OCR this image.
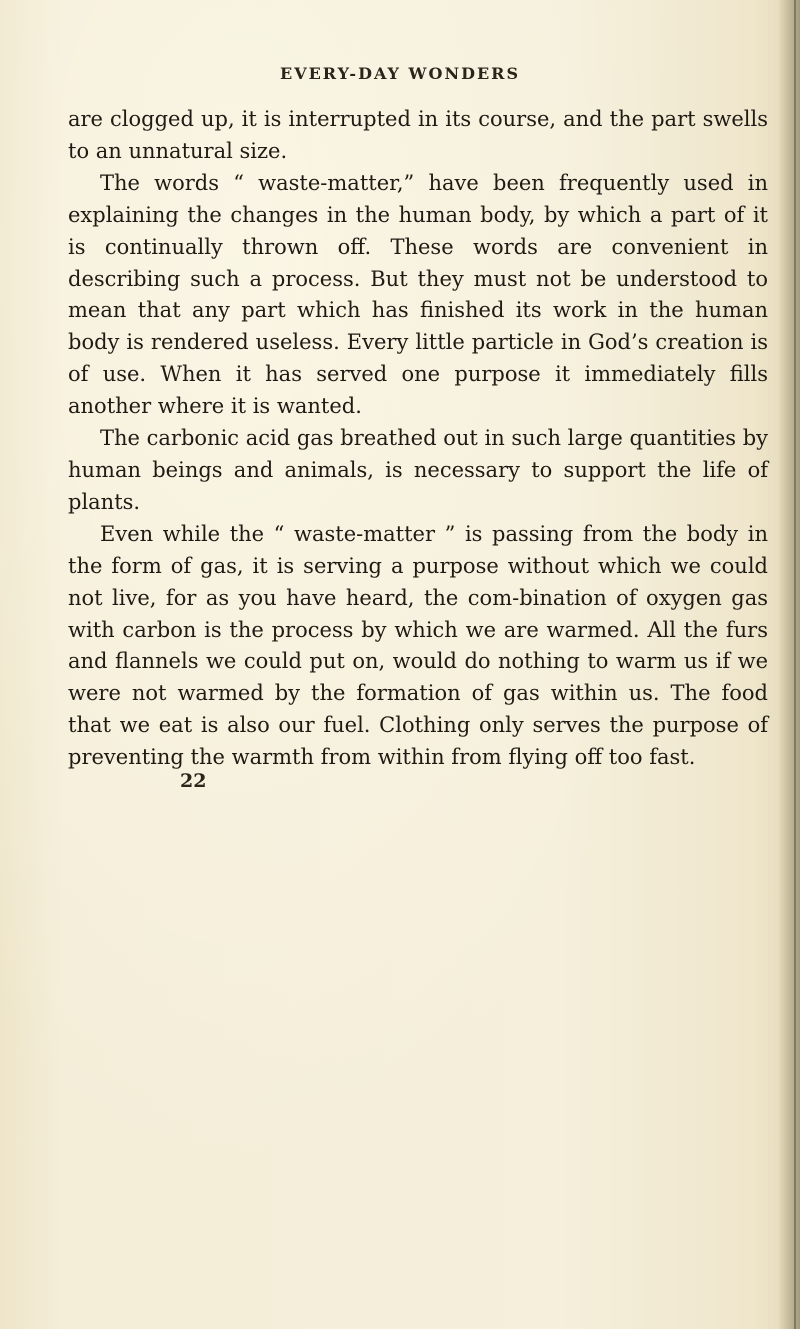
EVERY-DAY WONDERS

are clogged up, it is interrupted in its course, and the part swells to an unnatural size.

The words “ waste-matter,” have been frequently used in explaining the changes in the human body, by which a part of it is continually thrown off. These words are convenient in describing such a process. But they must not be understood to mean that any part which has finished its work in the human body is rendered useless. Every little particle in God’s creation is of use. When it has served one purpose it immediately fills another where it is wanted.

The carbonic acid gas breathed out in such large quantities by human beings and animals, is necessary to support the life of plants.

Even while the “ waste-matter ” is passing from the body in the form of gas, it is serving a purpose without which we could not live, for as you have heard, the com-bination of oxygen gas with carbon is the process by which we are warmed. All the furs and flannels we could put on, would do nothing to warm us if we were not warmed by the formation of gas within us. The food that we eat is also our fuel. Clothing only serves the purpose of preventing the warmth from within from flying off too fast.

22
